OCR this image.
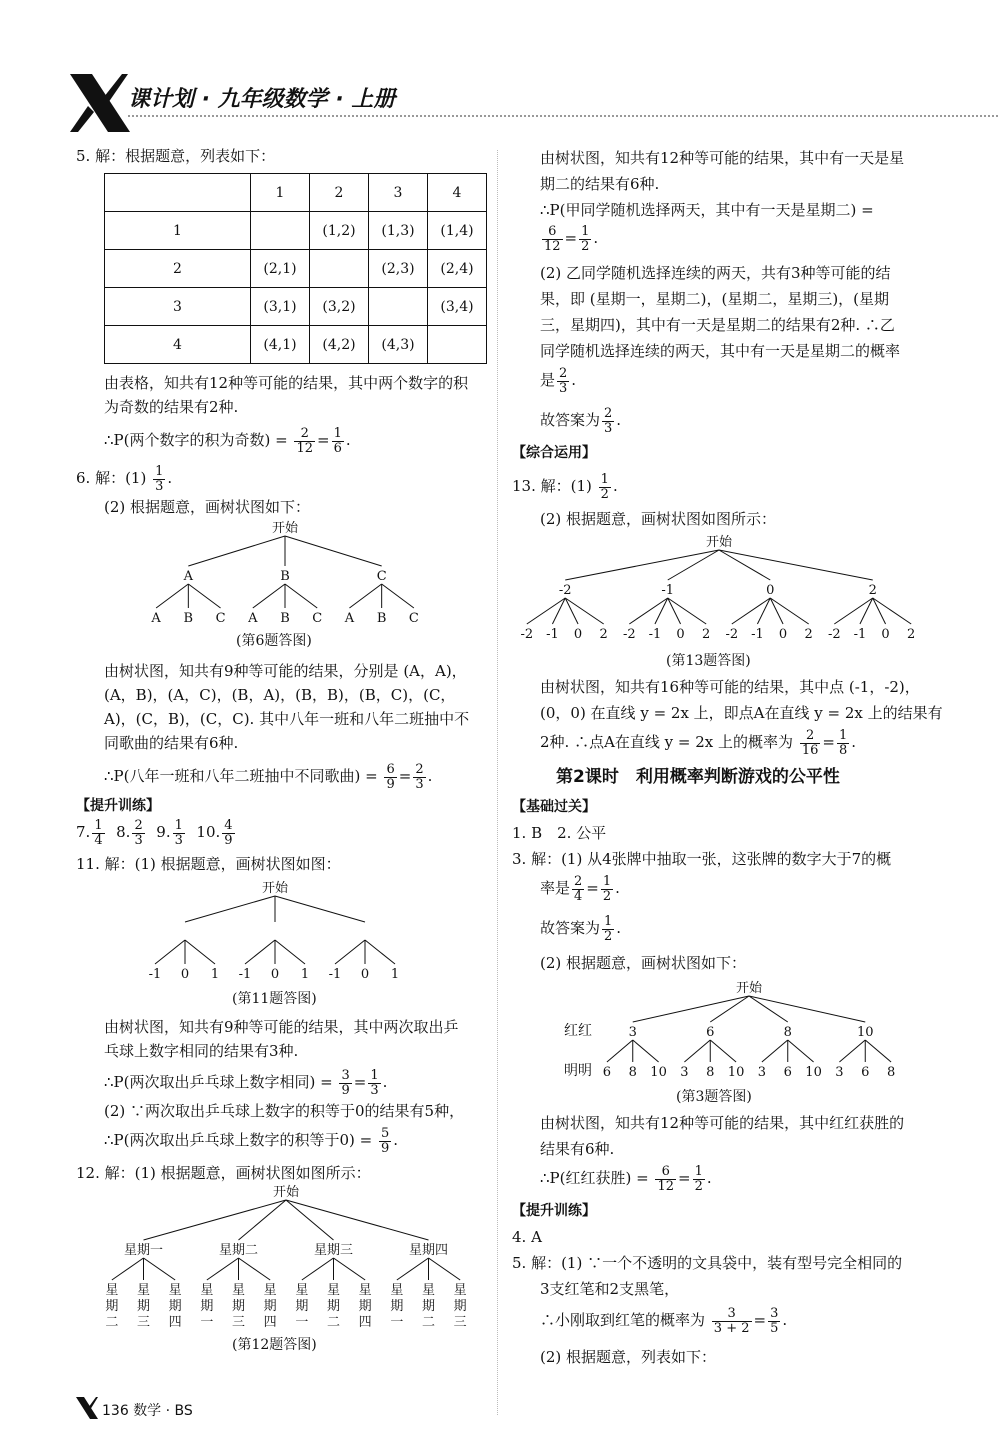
课计划 · 九年级数学 · 上册
5. 解：根据题意，列表如下：
	1	2	3	4
1		(1,2)	(1,3)	(1,4)
2	(2,1)		(2,3)	(2,4)
3	(3,1)	(3,2)		(3,4)
4	(4,1)	(4,2)	(4,3)	
由表格，知共有12种等可能的结果，其中两个数字的积
为奇数的结果有2种.
∴P(两个数字的积为奇数) = $\frac{2}{12} = \frac{1}{6}$ .
6. 解：$(1) \frac{1}{3}$ .
(2) 根据题意，画树状图如下：
开始
A
A B C
B
A B C
C
A B C
(第6题答图)
由树状图，知共有9种等可能的结果，分别是 (A，A)，
(A，B)，(A，C)，(B，A)，(B，B)，(B，C)，(C，
A)，(C，B)，(C，C). 其中八年一班和八年二班抽中不
同歌曲的结果有6种.
∴P(八年一班和八年二班抽中不同歌曲) = $\frac{6}{9} = \frac{2}{3}$ .
【提升训练】
7. $\frac{1}{4} 8$. $\frac{2}{3} 9$. $\frac{1}{3} 10$. $\frac{4}{9}$
11. 解：(1) 根据题意，画树状图如图：
开始
-1 0 1 -1 0 1 -1 0 1
(第11题答图)
由树状图，知共有9种等可能的结果，其中两次取出乒
乓球上数字相同的结果有3种.
∴P(两次取出乒乓球上数字相同) = $\frac{3}{9} = \frac{1}{3}$ .
(2) ∵两次取出乒乓球上数字的积等于0的结果有5种，
∴P(两次取出乒乓球上数字的积等于$0) = \frac{5}{9}$ .
12. 解：(1) 根据题意，画树状图如图所示：
开始
星期一
星
期
二
星
期
三
星
期
四
星期二
星
期
一
星
期
三
星
期
四
星期三
星
期
一
星
期
二
星
期
四
星期四
星
期
一
星
期
二
星
期
三
(第12题答图)
136 数学 · BS
由树状图，知共有12种等可能的结果，其中有一天是星
期二的结果有6种.
∴P(甲同学随机选择两天，其中有一天是星期二) =
$\frac{6}{12} = \frac{1}{2}$ .
(2) 乙同学随机选择连续的两天，共有3种等可能的结
果，即 (星期一，星期二)，(星期二，星期三)，(星期
三，星期四)，其中有一天是星期二的结果有2种. ∴乙
同学随机选择连续的两天，其中有一天是星期二的概率
是 $\frac{2}{3}$ .
故答案为 $\frac{2}{3}$ .
【综合运用】
13. 解：$(1) \frac{1}{2}$ .
(2) 根据题意，画树状图如图所示：
开始
-2
-2 -1 0 2
-1
-2 -1 0 2
0
-2 -1 0 2
2
-2 -1 0 2
(第13题答图)
由树状图，知共有16种等可能的结果，其中点 (-1，-2)，
(0，0) 在直线 y = 2x 上，即点A在直线 y = 2x 上的结果有
2种. ∴点A在直线 y = 2x 上的概率为 $\frac{2}{16} = \frac{1}{8}$ .
第2课时　利用概率判断游戏的公平性
【基础过关】
1. B　2. 公平
3. 解：(1) 从4张牌中抽取一张，这张牌的数字大于7的概
率是 $\frac{2}{4} = \frac{1}{2}$ .
故答案为 $\frac{1}{2}$ .
(2) 根据题意，画树状图如下：
红红
明明
开始
3
6 8 10
6
3 8 10
8
3 6 10
10
3 6 8
(第3题答图)
由树状图，知共有12种等可能的结果，其中红红获胜的
结果有6种.
∴P(红红获胜) = $\frac{6}{12} = \frac{1}{2}$ .
【提升训练】
4. A
5. 解：(1) ∵一个不透明的文具袋中，装有型号完全相同的
3支红笔和2支黑笔，
∴小刚取到红笔的概率为 $\frac{3}{3 + 2} = \frac{3}{5}$ .
(2) 根据题意，列表如下：
